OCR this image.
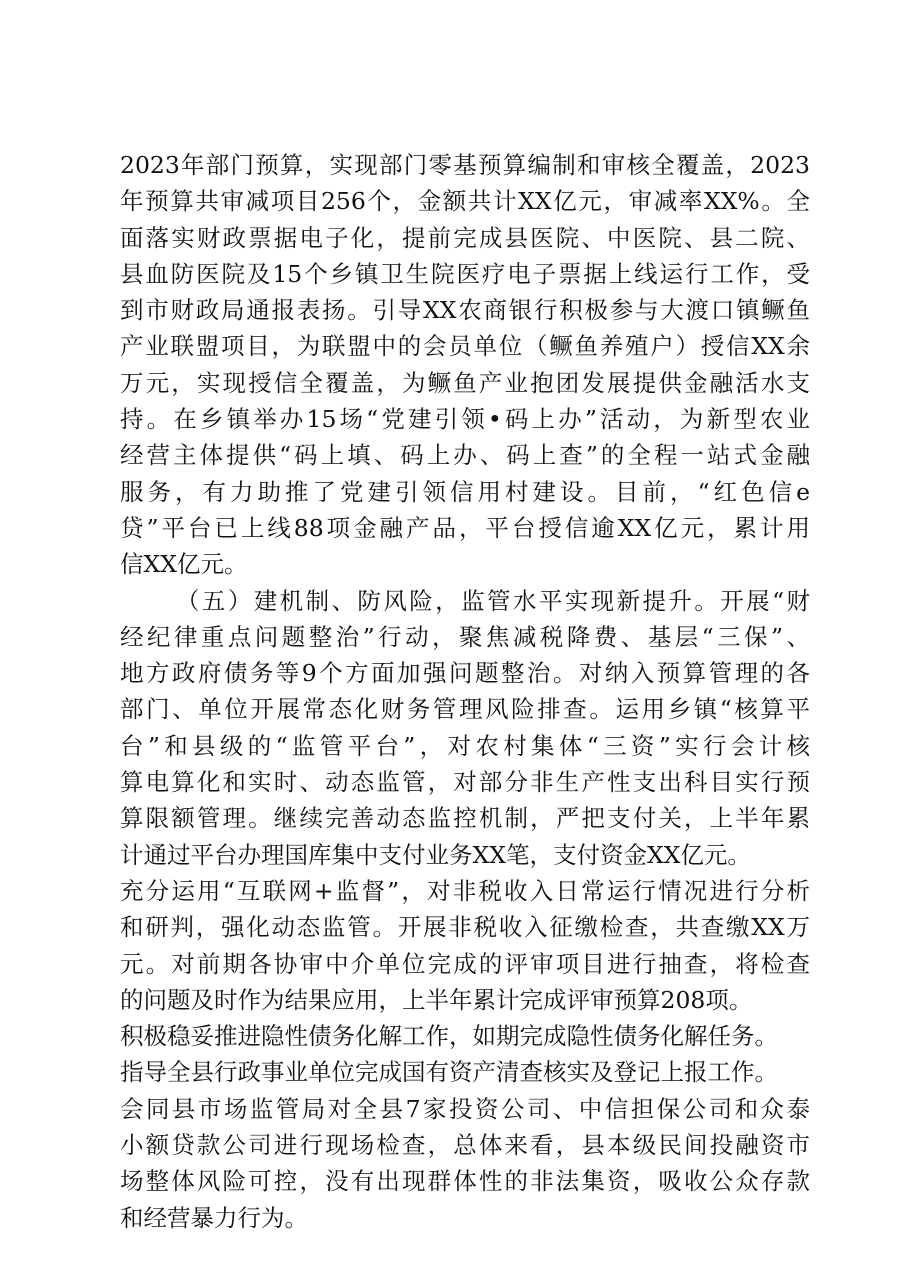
2023年部门预算，实现部门零基预算编制和审核全覆盖，2023
年预算共审减项目256个，金额共计XX亿元，审减率XX%。全
面落实财政票据电子化，提前完成县医院、中医院、县二院、
县血防医院及15个乡镇卫生院医疗电子票据上线运行工作，受
到市财政局通报表扬。引导XX农商银行积极参与大渡口镇鳜鱼
产业联盟项目，为联盟中的会员单位（鳜鱼养殖户）授信XX余
万元，实现授信全覆盖，为鳜鱼产业抱团发展提供金融活水支
持。在乡镇举办15场“党建引领•码上办”活动，为新型农业
经营主体提供“码上填、码上办、码上查”的全程一站式金融
服务，有力助推了党建引领信用村建设。目前，“红色信e
贷”平台已上线88项金融产品，平台授信逾XX亿元，累计用
信XX亿元。
（五）建机制、防风险，监管水平实现新提升。开展“财
经纪律重点问题整治”行动，聚焦减税降费、基层“三保”、
地方政府债务等9个方面加强问题整治。对纳入预算管理的各
部门、单位开展常态化财务管理风险排查。运用乡镇“核算平
台”和县级的“监管平台”，对农村集体“三资”实行会计核
算电算化和实时、动态监管，对部分非生产性支出科目实行预
算限额管理。继续完善动态监控机制，严把支付关，上半年累
计通过平台办理国库集中支付业务XX笔，支付资金XX亿元。
充分运用“互联网+监督”，对非税收入日常运行情况进行分析
和研判，强化动态监管。开展非税收入征缴检查，共查缴XX万
元。对前期各协审中介单位完成的评审项目进行抽查，将检查
的问题及时作为结果应用，上半年累计完成评审预算208项。
积极稳妥推进隐性债务化解工作，如期完成隐性债务化解任务。
指导全县行政事业单位完成国有资产清查核实及登记上报工作。
会同县市场监管局对全县7家投资公司、中信担保公司和众泰
小额贷款公司进行现场检查，总体来看，县本级民间投融资市
场整体风险可控，没有出现群体性的非法集资，吸收公众存款
和经营暴力行为。
